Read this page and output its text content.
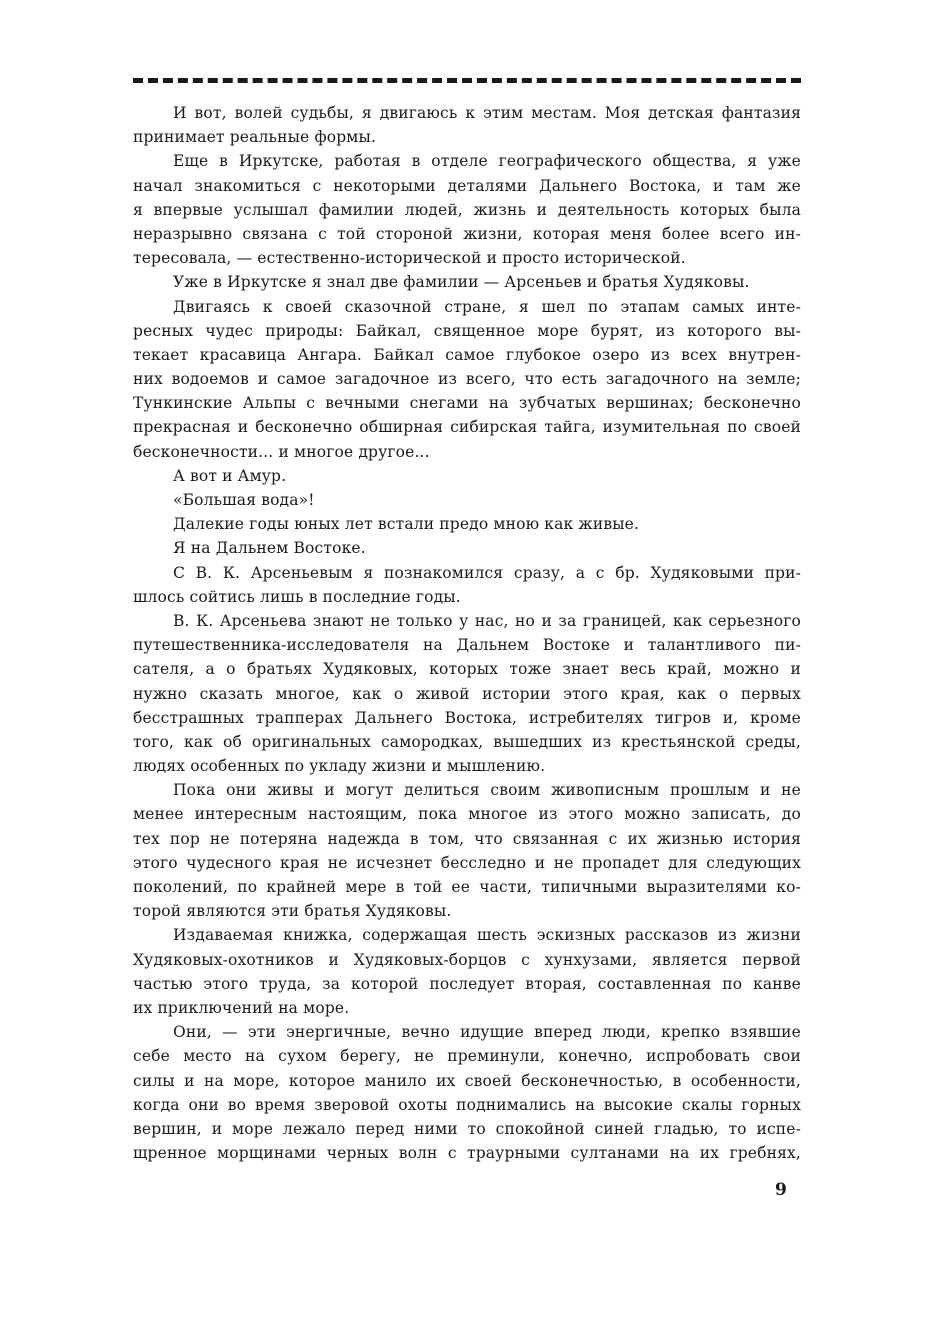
И вот, волей судьбы, я двигаюсь к этим местам. Моя детская фантазия
принимает реальные формы.
Еще в Иркутске, работая в отделе географического общества, я уже
начал знакомиться с некоторыми деталями Дальнего Востока, и там же
я впервые услышал фамилии людей, жизнь и деятельность которых была
неразрывно связана с той стороной жизни, которая меня более всего ин-
тересовала, — естественно-исторической и просто исторической.
Уже в Иркутске я знал две фамилии — Арсеньев и братья Худяковы.
Двигаясь к своей сказочной стране, я шел по этапам самых инте-
ресных чудес природы: Байкал, священное море бурят, из которого вы-
текает красавица Ангара. Байкал самое глубокое озеро из всех внутрен-
них водоемов и самое загадочное из всего, что есть загадочного на земле;
Тункинские Альпы с вечными снегами на зубчатых вершинах; бесконечно
прекрасная и бесконечно обширная сибирская тайга, изумительная по своей
бесконечности... и многое другое...
А вот и Амур.
«Большая вода»!
Далекие годы юных лет встали предо мною как живые.
Я на Дальнем Востоке.
С В. К. Арсеньевым я познакомился сразу, а с бр. Худяковыми при-
шлось сойтись лишь в последние годы.
В. К. Арсеньева знают не только у нас, но и за границей, как серьезного
путешественника-исследователя на Дальнем Востоке и талантливого пи-
сателя, а о братьях Худяковых, которых тоже знает весь край, можно и
нужно сказать многое, как о живой истории этого края, как о первых
бесстрашных трапперах Дальнего Востока, истребителях тигров и, кроме
того, как об оригинальных самородках, вышедших из крестьянской среды,
людях особенных по укладу жизни и мышлению.
Пока они живы и могут делиться своим живописным прошлым и не
менее интересным настоящим, пока многое из этого можно записать, до
тех пор не потеряна надежда в том, что связанная с их жизнью история
этого чудесного края не исчезнет бесследно и не пропадет для следующих
поколений, по крайней мере в той ее части, типичными выразителями ко-
торой являются эти братья Худяковы.
Издаваемая книжка, содержащая шесть эскизных рассказов из жизни
Худяковых-охотников и Худяковых-борцов с хунхузами, является первой
частью этого труда, за которой последует вторая, составленная по канве
их приключений на море.
Они, — эти энергичные, вечно идущие вперед люди, крепко взявшие
себе место на сухом берегу, не преминули, конечно, испробовать свои
силы и на море, которое манило их своей бесконечностью, в особенности,
когда они во время зверовой охоты поднимались на высокие скалы горных
вершин, и море лежало перед ними то спокойной синей гладью, то испе-
щренное морщинами черных волн с траурными султанами на их гребнях,
9
